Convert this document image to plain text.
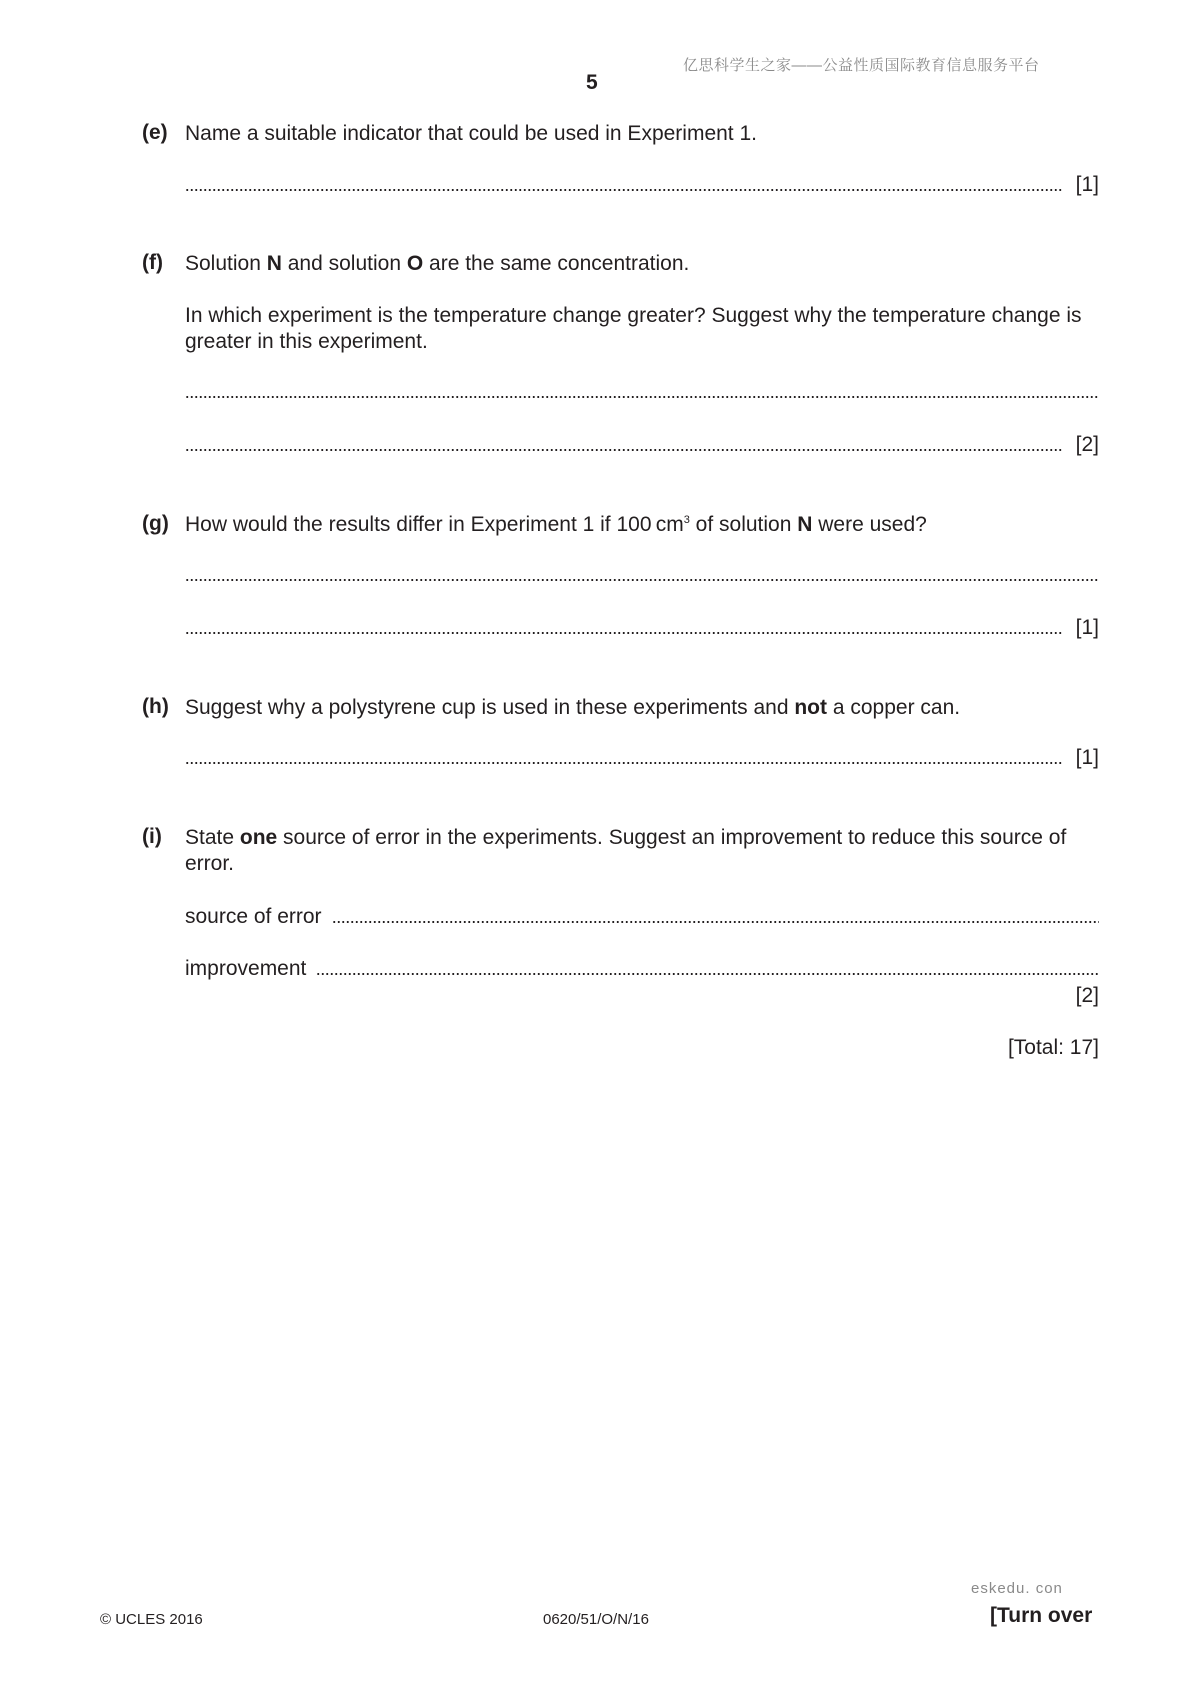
亿思科学生之家——公益性质国际教育信息服务平台
5
(e) Name a suitable indicator that could be used in Experiment 1.
[1]
(f) Solution N and solution O are the same concentration.
In which experiment is the temperature change greater? Suggest why the temperature change is greater in this experiment.
[2]
(g) How would the results differ in Experiment 1 if 100 $cm^3$ of solution N were used?
[1]
(h) Suggest why a polystyrene cup is used in these experiments and not a copper can.
[1]
(i) State one source of error in the experiments. Suggest an improvement to reduce this source of error.
source of error
improvement
[2]
[Total: 17]
eskedu. con
© UCLES 2016	0620/51/O/N/16	[Turn over
